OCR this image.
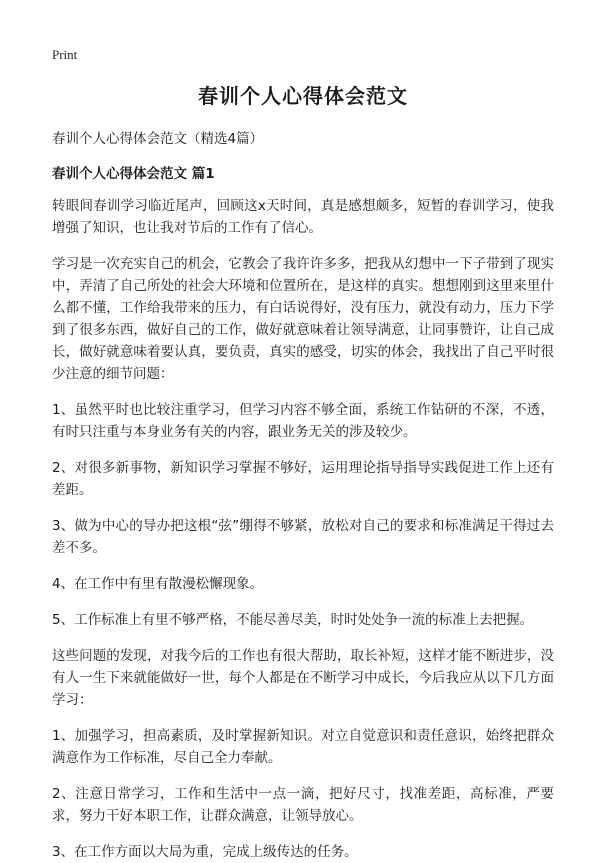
Print
春训个人心得体会范文

春训个人心得体会范文（精选4篇）

春训个人心得体会范文 篇1

转眼间春训学习临近尾声，回顾这x天时间，真是感想颇多，短暂的春训学习，使我增强了知识，也让我对节后的工作有了信心。

学习是一次充实自己的机会，它教会了我许许多多，把我从幻想中一下子带到了现实中，弄清了自己所处的社会大环境和位置所在，是这样的真实。想想刚到这里来里什么都不懂，工作给我带来的压力，有白话说得好，没有压力，就没有动力，压力下学到了很多东西，做好自己的工作，做好就意味着让领导满意，让同事赞许，让自己成长，做好就意味着要认真，要负责，真实的感受，切实的体会，我找出了自己平时很少注意的细节问题：

1、虽然平时也比较注重学习，但学习内容不够全面，系统工作钻研的不深，不透，有时只注重与本身业务有关的内容，跟业务无关的涉及较少。

2、对很多新事物，新知识学习掌握不够好，运用理论指导指导实践促进工作上还有差距。

3、做为中心的导办把这根“弦”绷得不够紧，放松对自己的要求和标准满足干得过去差不多。

4、在工作中有里有散漫松懈现象。

5、工作标准上有里不够严格，不能尽善尽美，时时处处争一流的标准上去把握。

这些问题的发现，对我今后的工作也有很大帮助，取长补短，这样才能不断进步，没有人一生下来就能做好一世，每个人都是在不断学习中成长，今后我应从以下几方面学习：

1、加强学习，担高素质，及时掌握新知识。对立自觉意识和责任意识，始终把群众满意作为工作标准，尽自己全力奉献。

2、注意日常学习，工作和生活中一点一滴，把好尺寸，找准差距，高标准，严要求，努力干好本职工作，让群众满意，让领导放心。

3、在工作方面以大局为重，完成上级传达的任务。
